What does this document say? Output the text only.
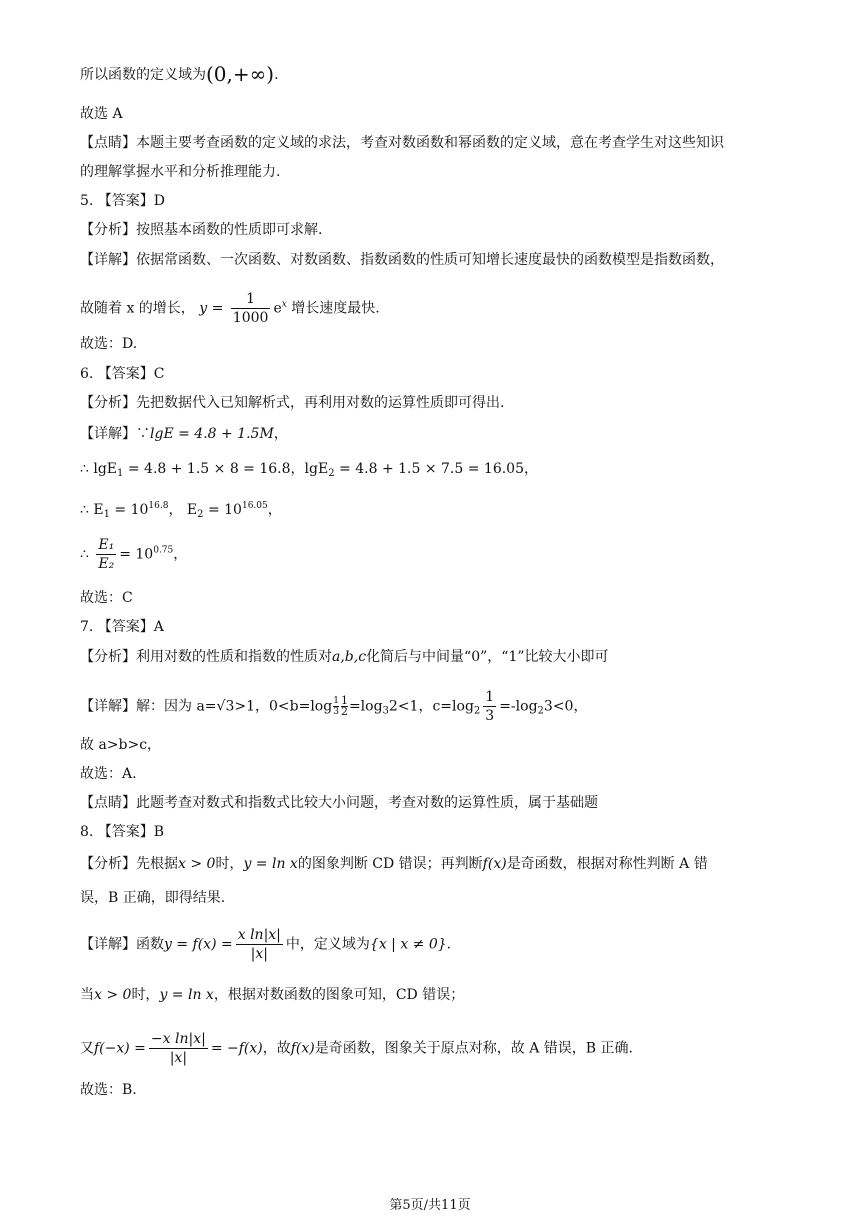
所以函数的定义域为(0,+∞).
故选 A
【点睛】本题主要考查函数的定义域的求法，考查对数函数和幂函数的定义域，意在考查学生对这些知识
的理解掌握水平和分析推理能力.
5. 【答案】D
【分析】按照基本函数的性质即可求解.
【详解】依据常函数、一次函数、对数函数、指数函数的性质可知增长速度最快的函数模型是指数函数，
故随着 x 的增长， $y = \frac{1}{1000} e^x$ 增长速度最快.
故选：D.
6. 【答案】C
【分析】先把数据代入已知解析式，再利用对数的运算性质即可得出.
【详解】∵lgE = 4.8 + 1.5M，
∴ lgE$_1$ = 4.8 + 1.5 × 8 = 16.8，lgE$_2$ = 4.8 + 1.5 × 7.5 = 16.05，
∴ $E_1 = 10^{16.8}$， $E_2 = 10^{16.05}$，
∴ $\frac{\text{E₁}}{\text{E₂}} = 10^{0.75}$，
故选：C
7. 【答案】A
【分析】利用对数的性质和指数的性质对a,b,c化简后与中间量“0”，“1”比较大小即可
【详解】解：因为 a=√3>1，$0<b=\log \frac{1}{3} \frac{1}{2} =\log_32<1$，$c=\log_2 \frac{1}{3} =-\log_23<0$，
故 a>b>c，
故选：A.
【点睛】此题考查对数式和指数式比较大小问题，考查对数的运算性质，属于基础题
8. 【答案】B
【分析】先根据x > 0时，y = ln x的图象判断 CD 错误；再判断f(x)是奇函数，根据对称性判断 A 错
误，B 正确，即得结果.
【详解】函数$y = f(x) = \frac{\text{x ln|x|}}{|x|}$ 中，定义域为{x | x ≠ 0}.
当x > 0时，y = ln x，根据对数函数的图象可知，CD 错误；
又$f(-x) = \frac{\text{−x ln|x|}}{|x|} = -f(x)$，故f(x)是奇函数，图象关于原点对称，故 A 错误，B 正确.
故选：B.
第5页/共11页
